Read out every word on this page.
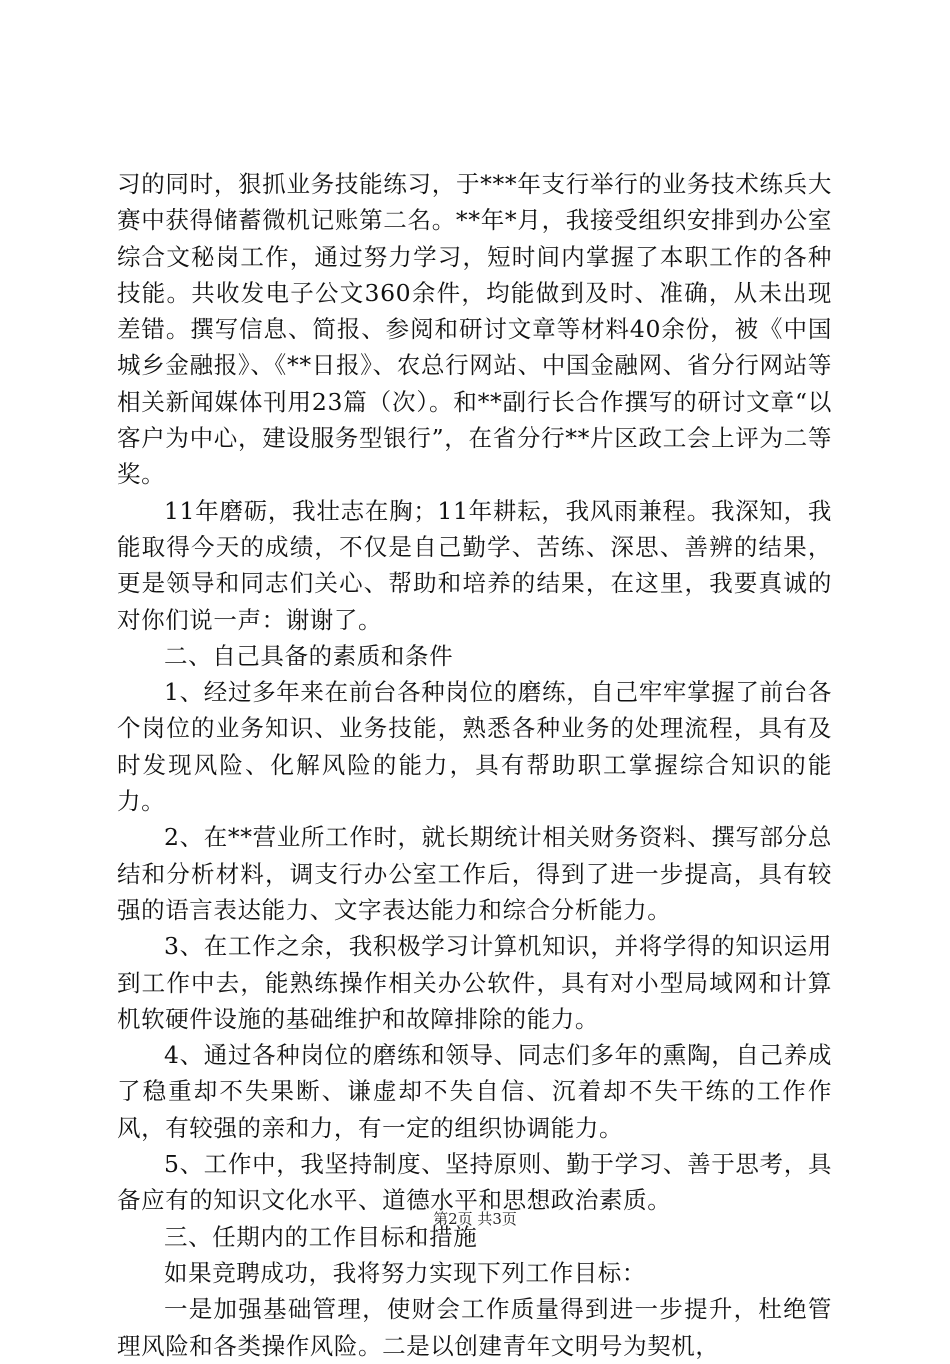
习的同时，狠抓业务技能练习，于***年支行举行的业务技术练兵大赛中获得储蓄微机记账第二名。**年*月，我接受组织安排到办公室综合文秘岗工作，通过努力学习，短时间内掌握了本职工作的各种技能。共收发电子公文360余件，均能做到及时、准确，从未出现差错。撰写信息、简报、参阅和研讨文章等材料40余份，被《中国城乡金融报》、《**日报》、农总行网站、中国金融网、省分行网站等相关新闻媒体刊用23篇（次）。和**副行长合作撰写的研讨文章“以客户为中心，建设服务型银行”，在省分行**片区政工会上评为二等奖。

11年磨砺，我壮志在胸；11年耕耘，我风雨兼程。我深知，我能取得今天的成绩，不仅是自己勤学、苦练、深思、善辨的结果，更是领导和同志们关心、帮助和培养的结果，在这里，我要真诚的对你们说一声：谢谢了。

二、自己具备的素质和条件

1、经过多年来在前台各种岗位的磨练，自己牢牢掌握了前台各个岗位的业务知识、业务技能，熟悉各种业务的处理流程，具有及时发现风险、化解风险的能力，具有帮助职工掌握综合知识的能力。

2、在**营业所工作时，就长期统计相关财务资料、撰写部分总结和分析材料，调支行办公室工作后，得到了进一步提高，具有较强的语言表达能力、文字表达能力和综合分析能力。

3、在工作之余，我积极学习计算机知识，并将学得的知识运用到工作中去，能熟练操作相关办公软件，具有对小型局域网和计算机软硬件设施的基础维护和故障排除的能力。

4、通过各种岗位的磨练和领导、同志们多年的熏陶，自己养成了稳重却不失果断、谦虚却不失自信、沉着却不失干练的工作作风，有较强的亲和力，有一定的组织协调能力。

5、工作中，我坚持制度、坚持原则、勤于学习、善于思考，具备应有的知识文化水平、道德水平和思想政治素质。

三、任期内的工作目标和措施

如果竞聘成功，我将努力实现下列工作目标：

一是加强基础管理，使财会工作质量得到进一步提升，杜绝管理风险和各类操作风险。二是以创建青年文明号为契机，

第2页 共3页
